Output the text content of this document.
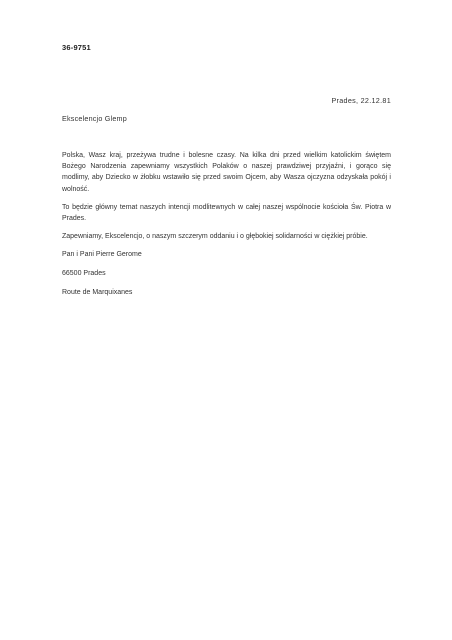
36-9751
Prades, 22.12.81
Ekscelencjo Glemp

Polska, Wasz kraj, przeżywa trudne i bolesne czasy. Na kilka dni przed wielkim katolickim świętem Bożego Narodzenia zapewniamy wszystkich Polaków o naszej prawdziwej przyjaźni, i gorąco się modlimy, aby Dziecko w żłobku wstawiło się przed swoim Ojcem, aby Wasza ojczyzna odzyskała pokój i wolność.

To będzie główny temat naszych intencji modlitewnych w całej naszej wspólnocie kościoła Św. Piotra w Prades.

Zapewniamy, Ekscelencjo, o naszym szczerym oddaniu i o głębokiej solidarności w ciężkiej próbie.

Pan i Pani Pierre Gerome

66500 Prades

Route de Marquixanes
